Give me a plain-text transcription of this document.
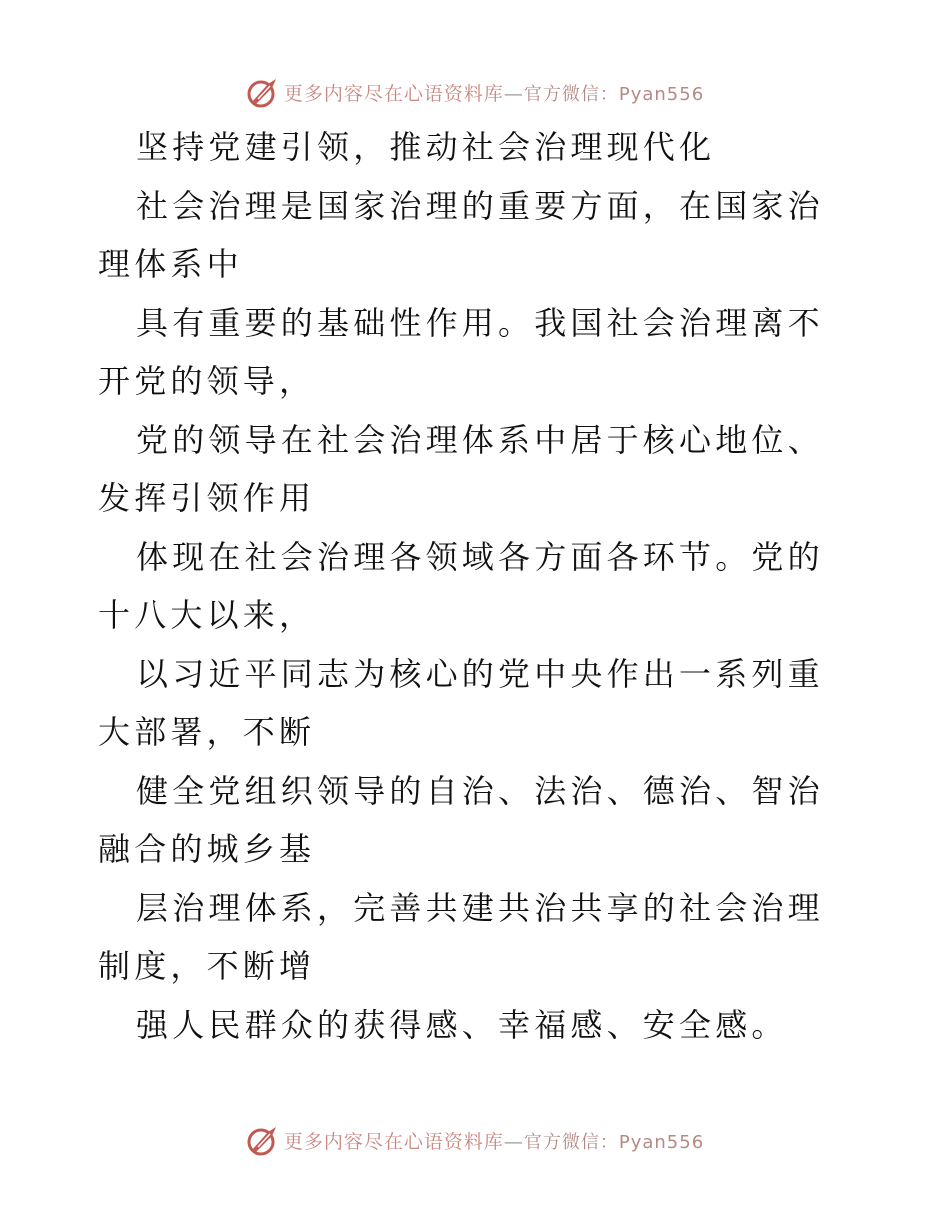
更多内容尽在心语资料库—官方微信：Pyan556

坚持党建引领，推动社会治理现代化

社会治理是国家治理的重要方面，在国家治理体系中

具有重要的基础性作用。我国社会治理离不开党的领导，

党的领导在社会治理体系中居于核心地位、发挥引领作用

体现在社会治理各领域各方面各环节。党的十八大以来，

以习近平同志为核心的党中央作出一系列重大部署，不断

健全党组织领导的自治、法治、德治、智治融合的城乡基

层治理体系，完善共建共治共享的社会治理制度，不断增

强人民群众的获得感、幸福感、安全感。

更多内容尽在心语资料库—官方微信：Pyan556
